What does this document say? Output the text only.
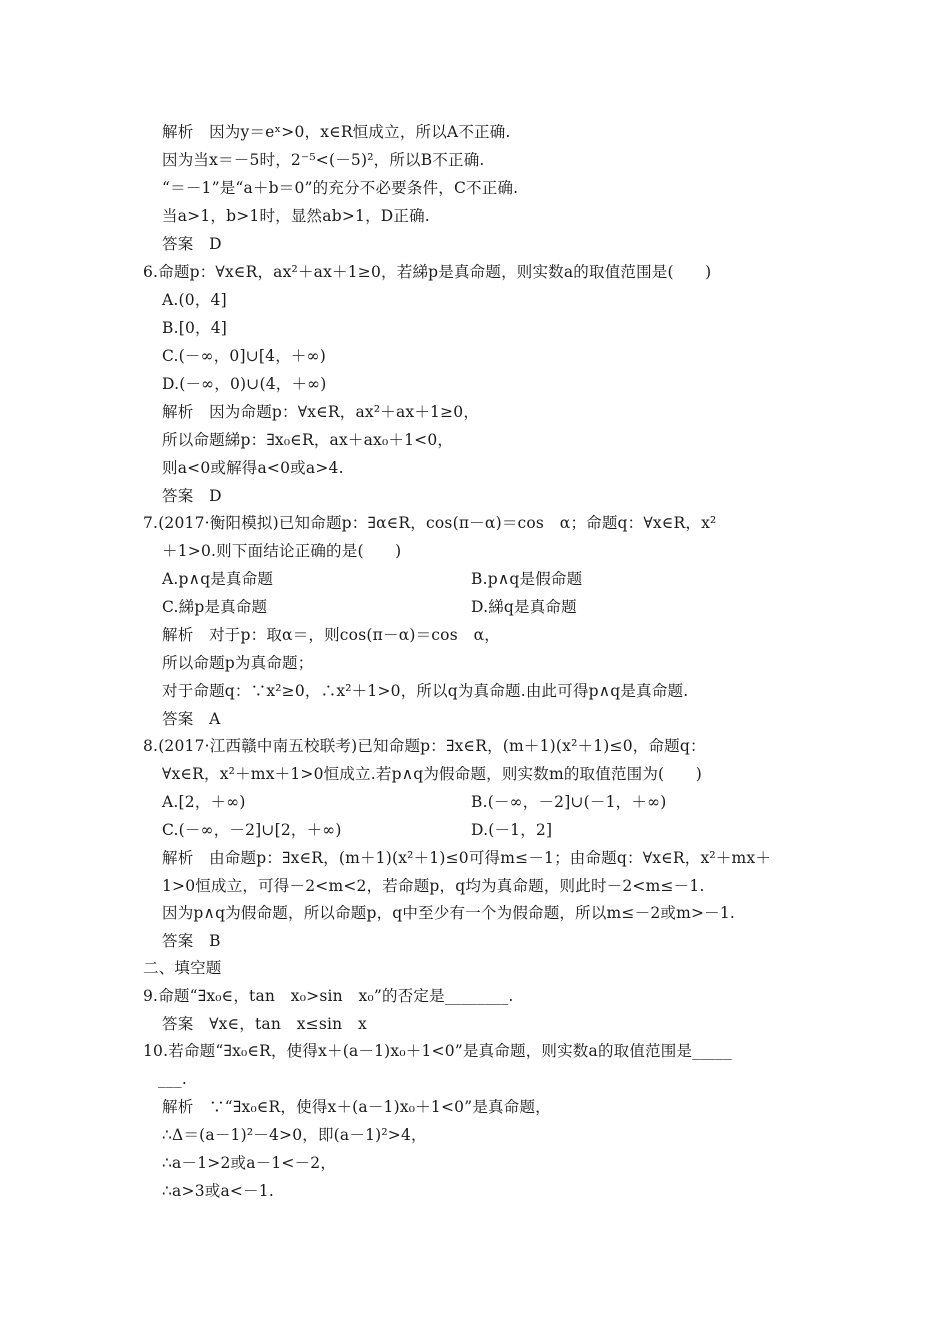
解析　因为y＝eˣ>0，x∈R恒成立，所以A不正确.
因为当x＝－5时，2⁻⁵<(－5)²，所以B不正确.
“＝－1”是“a＋b＝0”的充分不必要条件，C不正确.
当a>1，b>1时，显然ab>1，D正确.
答案　D
6.命题p：∀x∈R，ax²＋ax＋1≥0，若綈p是真命题，则实数a的取值范围是(　　)
A.(0，4]
B.[0，4]
C.(－∞，0]∪[4，＋∞)
D.(－∞，0)∪(4，＋∞)
解析　因为命题p：∀x∈R，ax²＋ax＋1≥0，
所以命题綈p：∃x₀∈R，ax＋ax₀＋1<0，
则a<0或解得a<0或a>4.
答案　D
7.(2017·衡阳模拟)已知命题p：∃α∈R，cos(π－α)＝cos　α；命题q：∀x∈R，x²
＋1>0.则下面结论正确的是(　　)
A.p∧q是真命题	B.p∧q是假命题
C.綈p是真命题	D.綈q是真命题
解析　对于p：取α＝，则cos(π－α)＝cos　α，
所以命题p为真命题；
对于命题q：∵x²≥0，∴x²＋1>0，所以q为真命题.由此可得p∧q是真命题.
答案　A
8.(2017·江西赣中南五校联考)已知命题p：∃x∈R，(m＋1)(x²＋1)≤0，命题q：
∀x∈R，x²＋mx＋1>0恒成立.若p∧q为假命题，则实数m的取值范围为(　　)
A.[2，＋∞)	B.(－∞，－2]∪(－1，＋∞)
C.(－∞，－2]∪[2，＋∞)	D.(－1，2]
解析　由命题p：∃x∈R，(m＋1)(x²＋1)≤0可得m≤－1；由命题q：∀x∈R，x²＋mx＋
1>0恒成立，可得－2<m<2，若命题p，q均为真命题，则此时－2<m≤－1.
因为p∧q为假命题，所以命题p，q中至少有一个为假命题，所以m≤－2或m>－1.
答案　B
二、填空题
9.命题“∃x₀∈，tan　x₀>sin　x₀”的否定是________.
答案　∀x∈，tan　x≤sin　x
10.若命题“∃x₀∈R，使得x＋(a－1)x₀＋1<0”是真命题，则实数a的取值范围是_____
___.
解析　∵“∃x₀∈R，使得x＋(a－1)x₀＋1<0”是真命题，
∴Δ＝(a－1)²－4>0，即(a－1)²>4，
∴a－1>2或a－1<－2，
∴a>3或a<－1.
